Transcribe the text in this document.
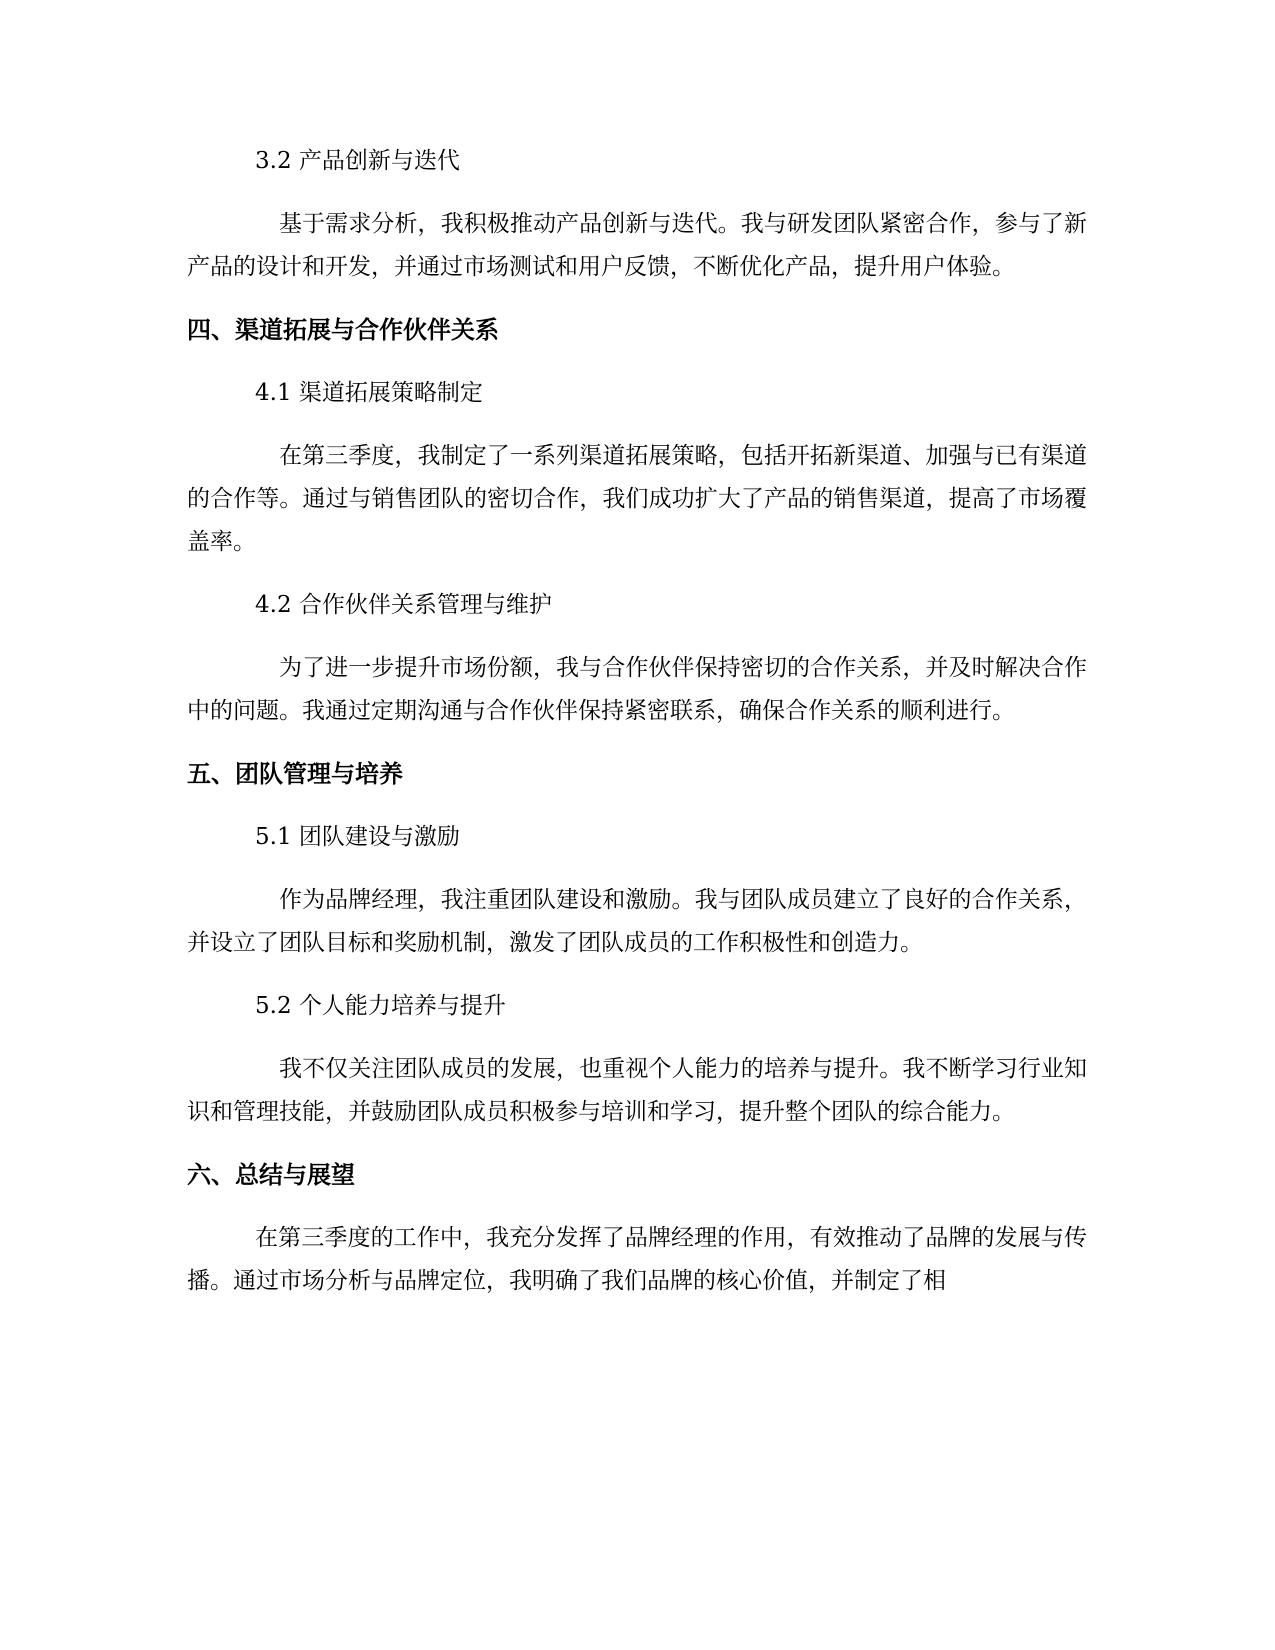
3.2 产品创新与迭代

基于需求分析，我积极推动产品创新与迭代。我与研发团队紧密合作，参与了新产品的设计和开发，并通过市场测试和用户反馈，不断优化产品，提升用户体验。

四、渠道拓展与合作伙伴关系
4.1 渠道拓展策略制定

在第三季度，我制定了一系列渠道拓展策略，包括开拓新渠道、加强与已有渠道的合作等。通过与销售团队的密切合作，我们成功扩大了产品的销售渠道，提高了市场覆盖率。

4.2 合作伙伴关系管理与维护

为了进一步提升市场份额，我与合作伙伴保持密切的合作关系，并及时解决合作中的问题。我通过定期沟通与合作伙伴保持紧密联系，确保合作关系的顺利进行。

五、团队管理与培养
5.1 团队建设与激励

作为品牌经理，我注重团队建设和激励。我与团队成员建立了良好的合作关系，并设立了团队目标和奖励机制，激发了团队成员的工作积极性和创造力。

5.2 个人能力培养与提升

我不仅关注团队成员的发展，也重视个人能力的培养与提升。我不断学习行业知识和管理技能，并鼓励团队成员积极参与培训和学习，提升整个团队的综合能力。

六、总结与展望

在第三季度的工作中，我充分发挥了品牌经理的作用，有效推动了品牌的发展与传播。通过市场分析与品牌定位，我明确了我们品牌的核心价值，并制定了相
